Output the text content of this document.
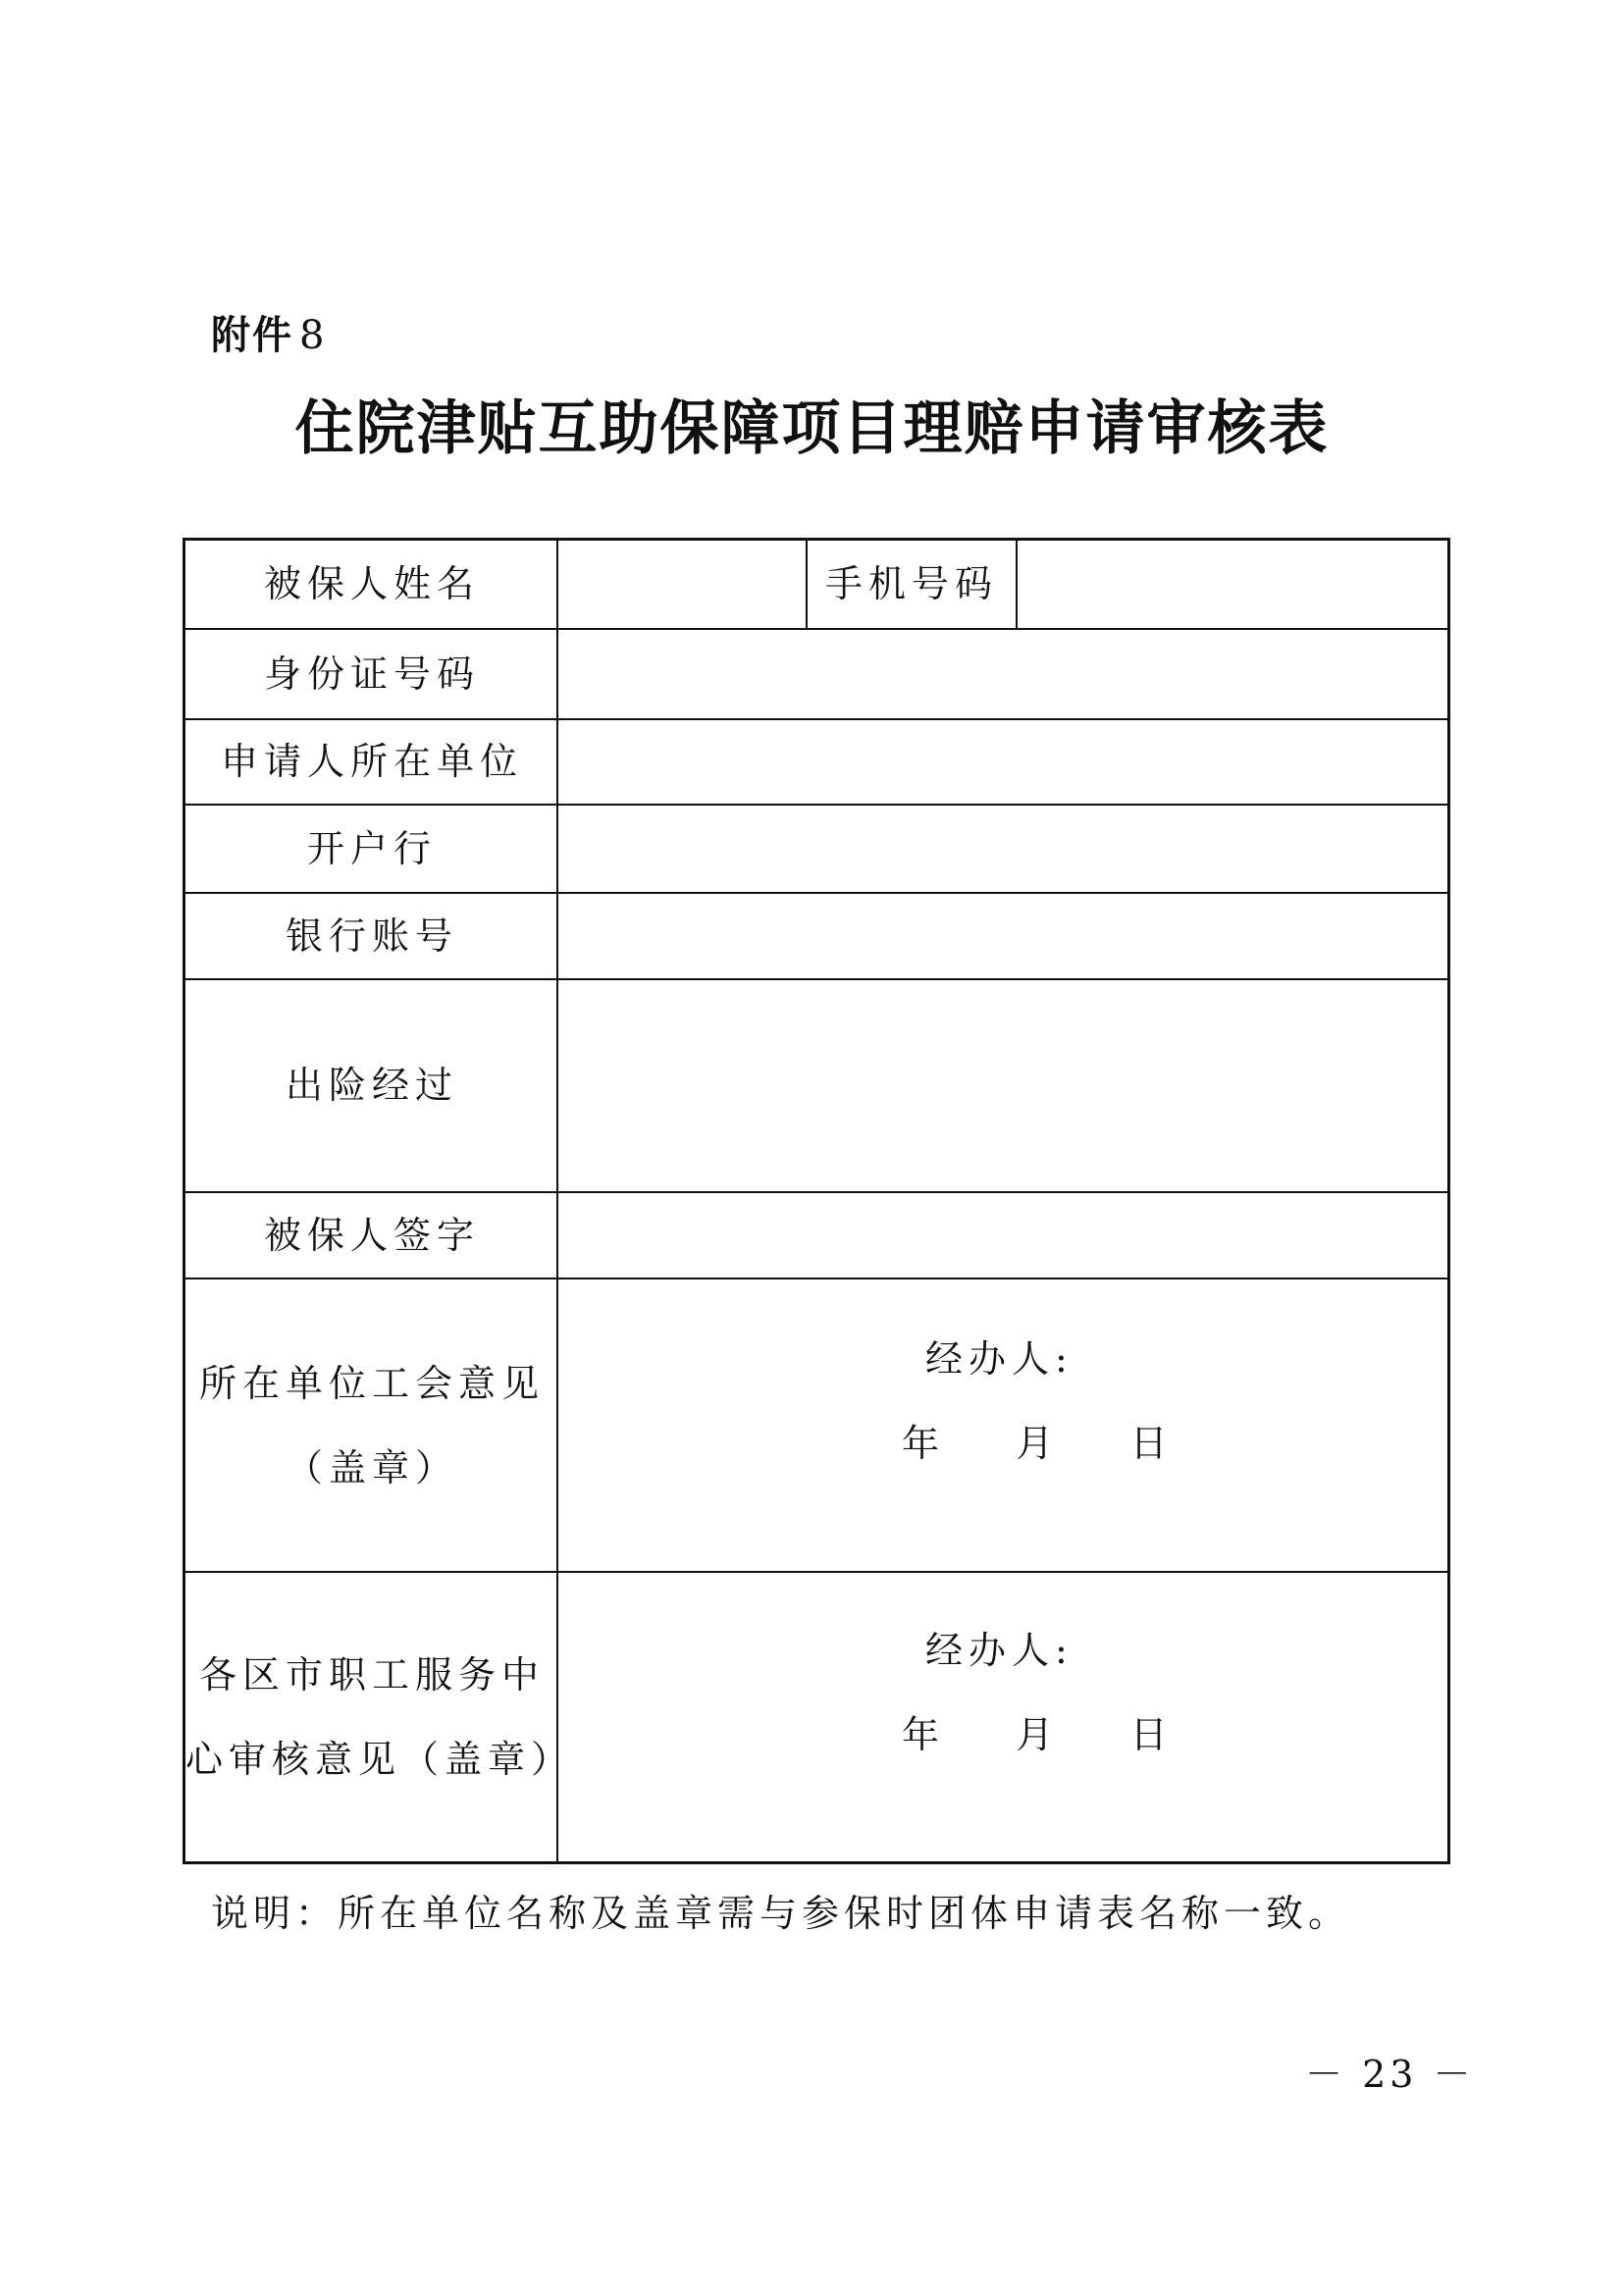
附件 8
住院津贴互助保障项目理赔申请审核表
被保人姓名	手机号码
身份证号码
申请人所在单位
开户行
银行账号
出险经过
被保人签字
所在单位工会意见
（盖章）
经办人:
年    月    日
各区市职工服务中
心审核意见（盖章）
经办人:
年    月    日
说明：所在单位名称及盖章需与参保时团体申请表名称一致。
－ 23 －
